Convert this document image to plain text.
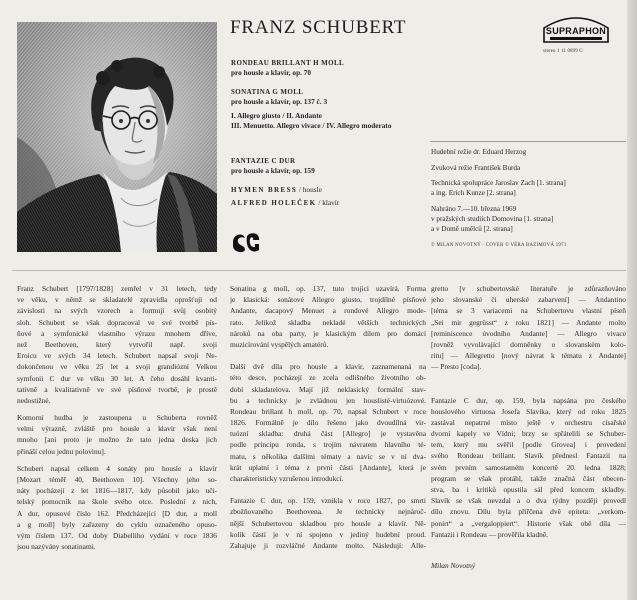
FRANZ SCHUBERT	SUPRAPHON
stereo 1 11 0899 G
RONDEAU BRILLANT H MOLL
pro housle a klavír, op. 70
SONATINA G MOLL
pro housle a klavír, op. 137 č. 3
I. Allegro giusto / II. Andante
III. Menuetto. Allegro vivace / IV. Allegro moderato
FANTAZIE C DUR
pro housle a klavír, op. 159
HYMEN BRESS / housle
ALFRED HOLEČEK / klavír
Hudební režie dr. Eduard Herzog
Zvuková režie František Burda
Technická spolupráce Jaroslav Zach [1. strana]
a ing. Erich Kunze [2. strana]
Nahráno 7.—10. března 1969
v pražských studiích Domovina [1. strana]
a v Domě umělců [2. strana]
© MILAN NOVOTNÝ · COVER © VĚRA BAZIMOVÁ 1971
Franz Schubert [1797/1828] zemřel v 31 letech, tedy
ve věku, v němž se skladatelé zpravidla oprošťují od
závislosti na svých vzorech a formují svůj osobitý
sloh. Schubert se však dopracoval ve své tvorbě pís-
ňové a symfonické vlastního výrazu mnohem dříve,
než Beethoven, který vytvořil např. svoji
Eroicu ve svých 34 letech. Schubert napsal svoji Ne-
dokončenou ve věku 25 let a svoji grandiózní Velkou
symfonii C dur ve věku 30 let. A čeho dosáhl kvanti-
tativně a kvalitativně ve své písňové tvorbě, je prostě
nedostižné.
Komorní hudba je zastoupena u Schuberta rovněž
velmi výrazně, zvláště pro housle a klavír však není
mnoho [ani proto je možno že tato jedna deska jich
přináší celou jednu polovinu].
Schubert napsal celkem 4 sonáty pro housle a klavír
[Mozart téměř 40, Beethoven 10]. Všechny jeho so-
náty pocházejí z let 1816—1817, kdy působil jako uči-
telský pomocník na škole svého otce. Poslední z nich,
A dur, opusové číslo 162. Předcházející [D dur, a moll
a g moll] byly zařazeny do cyklu označeného opuso-
vým číslem 137. Od doby Diabelliho vydání v roce 1836
jsou nazývány sonatinami.
Sonatina g moll, op. 137, tuto trojici uzavírá. Forma
je klasická: sonátové Allegro giusto, trojdílné písňové
Andante, dacapový Menuet a rondové Allegro mode-
rato. Jelikož skladba nekladé větších technických
nároků na oba party, je klasickým dílem pro domácí
muzicírování vyspělých amatérů.
Další dvě díla pro housle a klavír, zaznamenaná na
této desce, pocházejí ze zcela odlišného životního ob-
dobí skladatelova. Mají již neklasický formální stav-
bu a technicky je zvládnou jen houslisté-virtuózové.
Rondeau brillant h moll, op. 70, napsal Schubert v roce
1826. Formálně je dílo řešeno jako dvoudílná vir-
tuózní skladba: druhá část [Allegro] je vystavěna
podle principu ronda, s trojím návratem hlavního té-
matu, s několika dalšími tématy a navíc se v ní dva-
krát uplatní i téma z první části [Andante], která je
charakteristicky vzrušenou introdukcí.
Fantazie C dur, op. 159, vznikla v roce 1827, po smrti
zbožňovaného Beethovena. Je technicky nejnároč-
nější Schubertovou skladbou pro housle a klavír. Ně-
kolik částí je v ní spojeno v jediný hudební proud.
Zahajuje ji rozvláčné Andante molto. Následují: Alle-
gretto [v schubertovské literatuře je zdůrazňováno
jeho slovanské či uherské zabarvení] — Andantino
[téma se 3 variacemi na Schubertovu vlastní píseň
„Sei mir gegrüsst“ z roku 1821] — Andante molto
[reminiscence úvodního Andante] — Allegro vivace
[rovněž vyvolávající domněnky o slovanském kolo-
ritu] — Allegretto [nový návrat k tématu z Andante]
— Presto [coda].
Fantazie C dur, op. 159, byla napsána pro českého
houslového virtuosa Josefa Slavíka, který od roku 1825
zastával nepatrné místo ještě v orchestru císařské
dvorní kapely ve Vídni; brzy se spřátelili se Schuber-
tem, který mu svěřil [podle Grovea] i provedení
svého Rondeau brillant. Slavík přednesl Fantazii na
svém prvním samostatném koncertě 20. ledna 1828;
program se však protáhl, takže značná část obecen-
stva, ba i kritiků opustila sál před koncem skladby.
Slavík se však nevzdal a o dva týdny později provedl
dílo znovu. Dílu byla přiřčena dvě epiteta: „verkom-
ponirt“ a „vergaloppiert“. Historie však obě díla —
Fantazii i Rondeau — prověřila kladně.
Milan Novotný
